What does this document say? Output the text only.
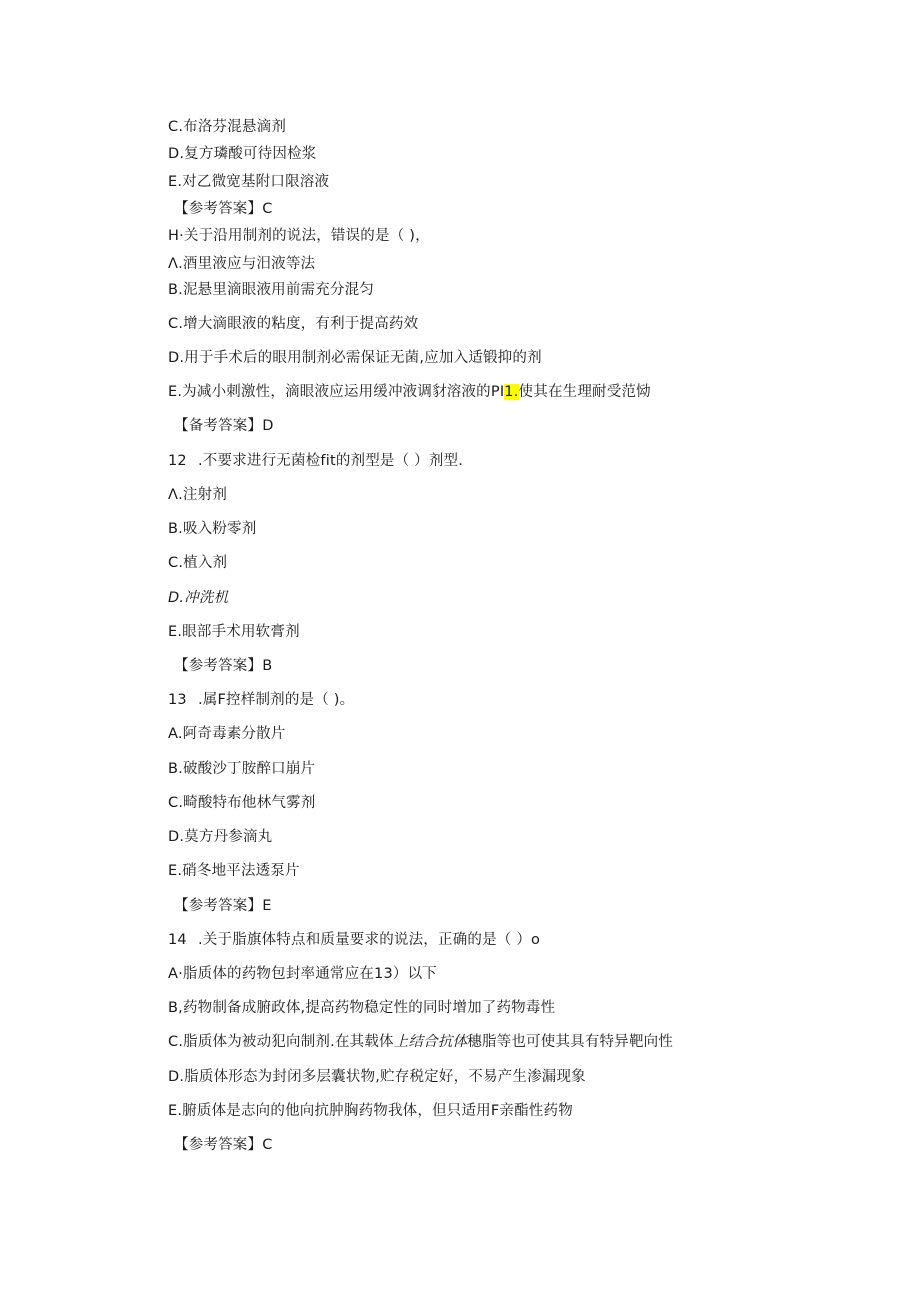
C.布洛芬混悬滴剂
D.复方璘酸可待因检浆
E.对乙微宽基附口限溶液
【参考答案】C
H·关于沿用制剂的说法，错误的是（ )，
Λ.酒里液应与汨液等法
B.泥悬里滴眼液用前需充分混匀
C.增大滴眼液的粘度，有利于提高药效
D.用于手术后的眼用制剂必需保证无菌,应加入适锻抑的剂
E.为减小刺激性，滴眼液应运用缓冲液调豺溶液的PI1.使其在生理耐受范恸
【备考答案】D
12 .不要求进行无菌检fit的剂型是（ ）剂型.
Λ.注射剂
B.吸入粉零剂
C.植入剂
D.冲洗机
E.眼部手术用软膏剂
【参考答案】B
13 .属F控样制剂的是（ )。
A.阿奇毒素分散片
B.破酸沙丁胺醉口崩片
C.畸酸特布他林气雾剂
D.莫方丹参滴丸
E.硝冬地平法透泵片
【参考答案】E
14 .关于脂旗体特点和质量要求的说法，正确的是（ ）o
A·脂质体的药物包封率通常应在13）以下
B,药物制备成腑政体,提高药物稳定性的同时增加了药物毒性
C.脂质体为被动犯向制剂.在其载体上结合抗体穗脂等也可使其具有特异靶向性
D.脂质体形态为封闭多层囊状物,贮存税定好，不易产生渗漏现象
E.腑质体是志向的他向抗肿胸药物我体，但只适用F亲酯性药物
【参考答案】C
